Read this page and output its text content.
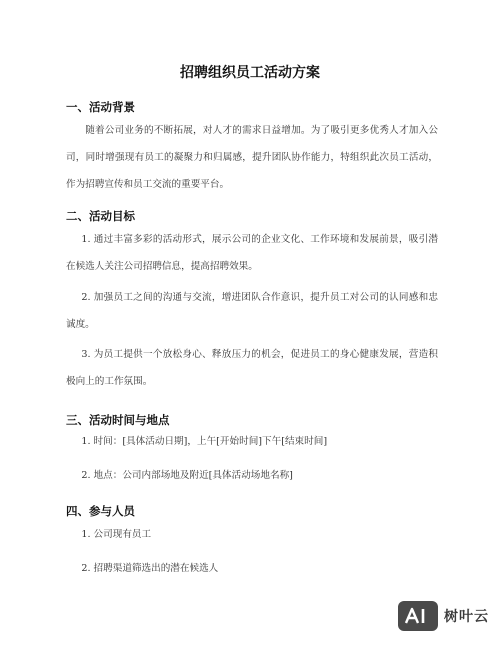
招聘组织员工活动方案
一、活动背景

随着公司业务的不断拓展，对人才的需求日益增加。为了吸引更多优秀人才加入公司，同时增强现有员工的凝聚力和归属感，提升团队协作能力，特组织此次员工活动，作为招聘宣传和员工交流的重要平台。

二、活动目标

1. 通过丰富多彩的活动形式，展示公司的企业文化、工作环境和发展前景，吸引潜在候选人关注公司招聘信息，提高招聘效果。

2. 加强员工之间的沟通与交流，增进团队合作意识，提升员工对公司的认同感和忠诚度。

3. 为员工提供一个放松身心、释放压力的机会，促进员工的身心健康发展，营造积极向上的工作氛围。

三、活动时间与地点

1. 时间：[具体活动日期]，上午[开始时间]下午[结束时间]

2. 地点：公司内部场地及附近[具体活动场地名称]

四、参与人员

1. 公司现有员工

2. 招聘渠道筛选出的潜在候选人

树叶云
